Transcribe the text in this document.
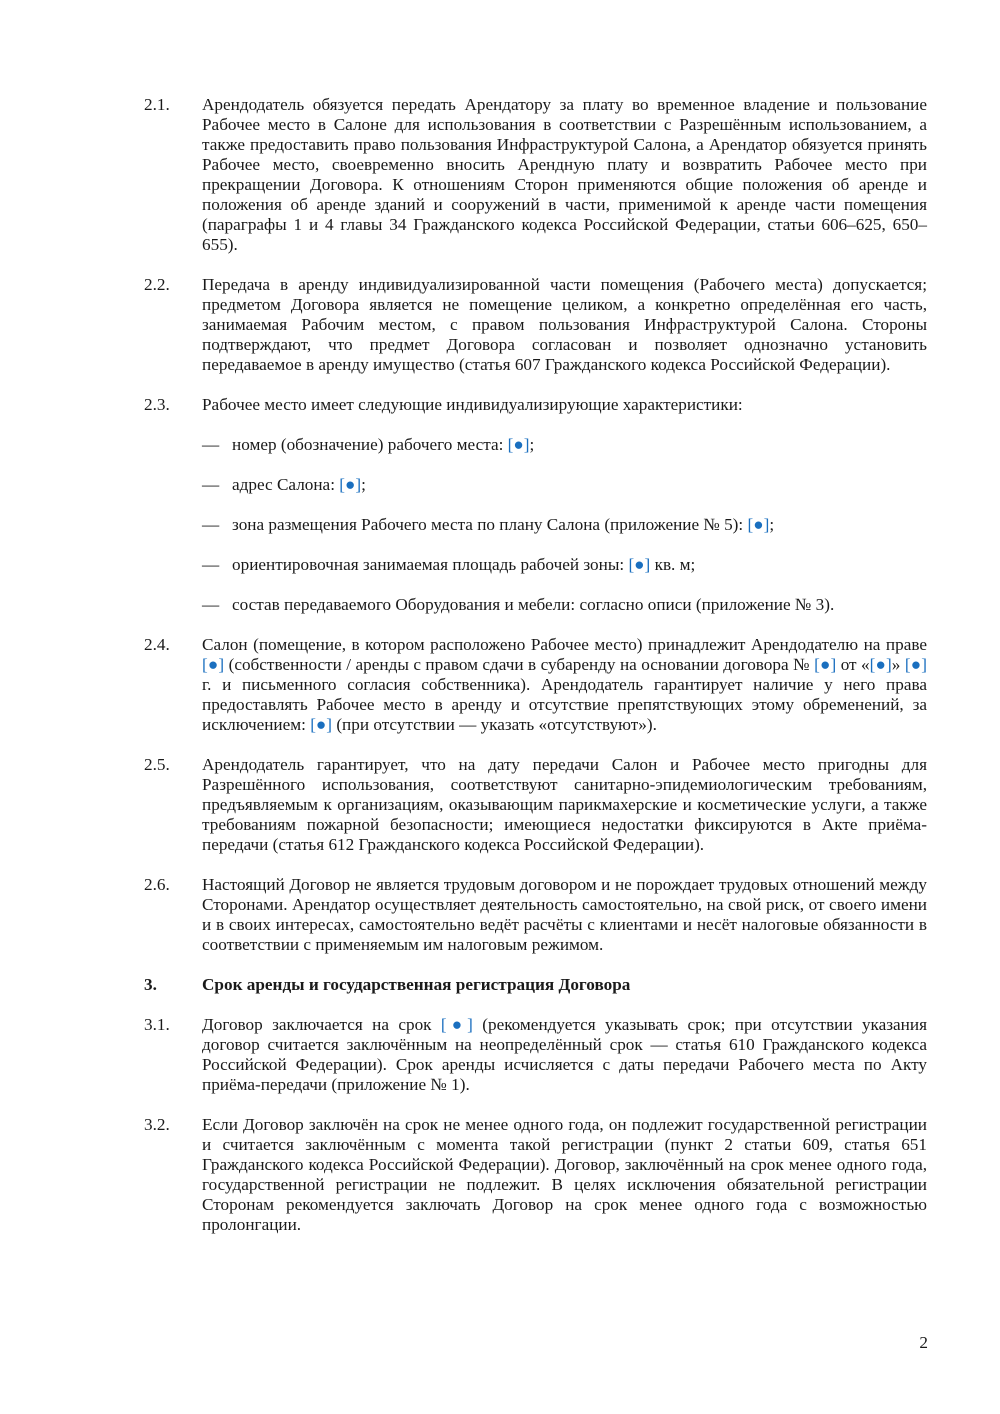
2.1.	Арендодатель обязуется передать Арендатору за плату во временное владение и пользование Рабочее место в Салоне для использования в соответствии с Разрешённым использованием, а также предоставить право пользования Инфраструктурой Салона, а Арендатор обязуется принять Рабочее место, своевременно вносить Арендную плату и возвратить Рабочее место при прекращении Договора. К отношениям Сторон применяются общие положения об аренде и положения об аренде зданий и сооружений в части, применимой к аренде части помещения (параграфы 1 и 4 главы 34 Гражданского кодекса Российской Федерации, статьи 606–625, 650–655).
2.2.	Передача в аренду индивидуализированной части помещения (Рабочего места) допускается; предметом Договора является не помещение целиком, а конкретно определённая его часть, занимаемая Рабочим местом, с правом пользования Инфраструктурой Салона. Стороны подтверждают, что предмет Договора согласован и позволяет однозначно установить передаваемое в аренду имущество (статья 607 Гражданского кодекса Российской Федерации).
2.3.	Рабочее место имеет следующие индивидуализирующие характеристики:
— номер (обозначение) рабочего места: [●];
— адрес Салона: [●];
— зона размещения Рабочего места по плану Салона (приложение № 5): [●];
— ориентировочная занимаемая площадь рабочей зоны: [●] кв. м;
— состав передаваемого Оборудования и мебели: согласно описи (приложение № 3).
2.4.	Салон (помещение, в котором расположено Рабочее место) принадлежит Арендодателю на праве [●] (собственности / аренды с правом сдачи в субаренду на основании договора № [●] от «[●]» [●] г. и письменного согласия собственника). Арендодатель гарантирует наличие у него права предоставлять Рабочее место в аренду и отсутствие препятствующих этому обременений, за исключением: [●] (при отсутствии — указать «отсутствуют»).
2.5.	Арендодатель гарантирует, что на дату передачи Салон и Рабочее место пригодны для Разрешённого использования, соответствуют санитарно-эпидемиологическим требованиям, предъявляемым к организациям, оказывающим парикмахерские и косметические услуги, а также требованиям пожарной безопасности; имеющиеся недостатки фиксируются в Акте приёма-передачи (статья 612 Гражданского кодекса Российской Федерации).
2.6.	Настоящий Договор не является трудовым договором и не порождает трудовых отношений между Сторонами. Арендатор осуществляет деятельность самостоятельно, на свой риск, от своего имени и в своих интересах, самостоятельно ведёт расчёты с клиентами и несёт налоговые обязанности в соответствии с применяемым им налоговым режимом.
3.	Срок аренды и государственная регистрация Договора
3.1.	Договор заключается на срок [●] (рекомендуется указывать срок; при отсутствии указания договор считается заключённым на неопределённый срок — статья 610 Гражданского кодекса Российской Федерации). Срок аренды исчисляется с даты передачи Рабочего места по Акту приёма-передачи (приложение № 1).
3.2.	Если Договор заключён на срок не менее одного года, он подлежит государственной регистрации и считается заключённым с момента такой регистрации (пункт 2 статьи 609, статья 651 Гражданского кодекса Российской Федерации). Договор, заключённый на срок менее одного года, государственной регистрации не подлежит. В целях исключения обязательной регистрации Сторонам рекомендуется заключать Договор на срок менее одного года с возможностью пролонгации.
2
